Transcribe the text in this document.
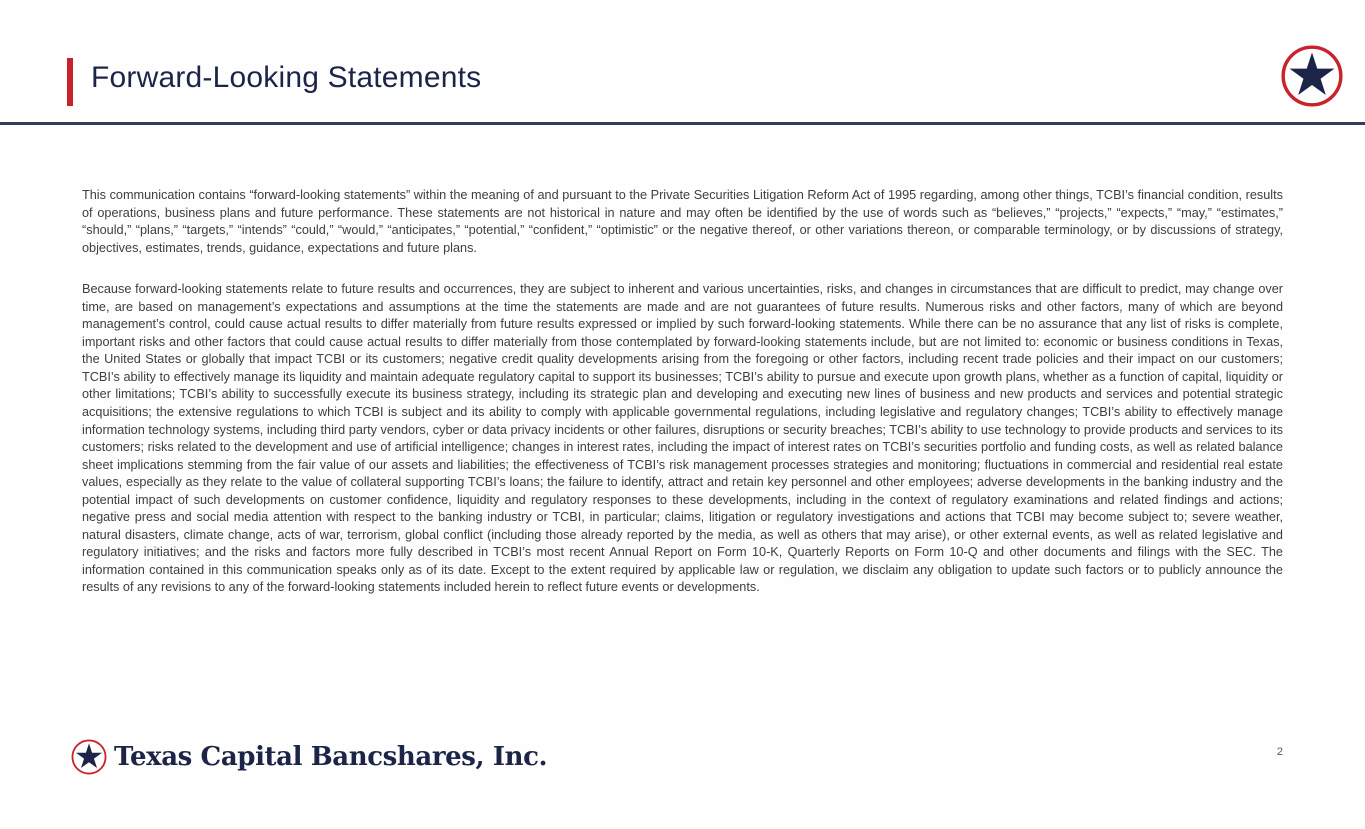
Forward-Looking Statements

This communication contains “forward-looking statements” within the meaning of and pursuant to the Private Securities Litigation Reform Act of 1995 regarding, among other things, TCBI’s financial condition, results of operations, business plans and future performance. These statements are not historical in nature and may often be identified by the use of words such as “believes,” “projects,” “expects,” “may,” “estimates,” “should,” “plans,” “targets,” “intends” “could,” “would,” “anticipates,” “potential,” “confident,” “optimistic” or the negative thereof, or other variations thereon, or comparable terminology, or by discussions of strategy, objectives, estimates, trends, guidance, expectations and future plans.

Because forward-looking statements relate to future results and occurrences, they are subject to inherent and various uncertainties, risks, and changes in circumstances that are difficult to predict, may change over time, are based on management’s expectations and assumptions at the time the statements are made and are not guarantees of future results. Numerous risks and other factors, many of which are beyond management’s control, could cause actual results to differ materially from future results expressed or implied by such forward-looking statements. While there can be no assurance that any list of risks is complete, important risks and other factors that could cause actual results to differ materially from those contemplated by forward-looking statements include, but are not limited to: economic or business conditions in Texas, the United States or globally that impact TCBI or its customers; negative credit quality developments arising from the foregoing or other factors, including recent trade policies and their impact on our customers; TCBI’s ability to effectively manage its liquidity and maintain adequate regulatory capital to support its businesses; TCBI’s ability to pursue and execute upon growth plans, whether as a function of capital, liquidity or other limitations; TCBI’s ability to successfully execute its business strategy, including its strategic plan and developing and executing new lines of business and new products and services and potential strategic acquisitions; the extensive regulations to which TCBI is subject and its ability to comply with applicable governmental regulations, including legislative and regulatory changes; TCBI’s ability to effectively manage information technology systems, including third party vendors, cyber or data privacy incidents or other failures, disruptions or security breaches; TCBI’s ability to use technology to provide products and services to its customers; risks related to the development and use of artificial intelligence; changes in interest rates, including the impact of interest rates on TCBI’s securities portfolio and funding costs, as well as related balance sheet implications stemming from the fair value of our assets and liabilities; the effectiveness of TCBI’s risk management processes strategies and monitoring; fluctuations in commercial and residential real estate values, especially as they relate to the value of collateral supporting TCBI’s loans; the failure to identify, attract and retain key personnel and other employees; adverse developments in the banking industry and the potential impact of such developments on customer confidence, liquidity and regulatory responses to these developments, including in the context of regulatory examinations and related findings and actions; negative press and social media attention with respect to the banking industry or TCBI, in particular; claims, litigation or regulatory investigations and actions that TCBI may become subject to; severe weather, natural disasters, climate change, acts of war, terrorism, global conflict (including those already reported by the media, as well as others that may arise), or other external events, as well as related legislative and regulatory initiatives; and the risks and factors more fully described in TCBI’s most recent Annual Report on Form 10-K, Quarterly Reports on Form 10-Q and other documents and filings with the SEC. The information contained in this communication speaks only as of its date. Except to the extent required by applicable law or regulation, we disclaim any obligation to update such factors or to publicly announce the results of any revisions to any of the forward-looking statements included herein to reflect future events or developments.

Texas Capital Bancshares, Inc.	2
